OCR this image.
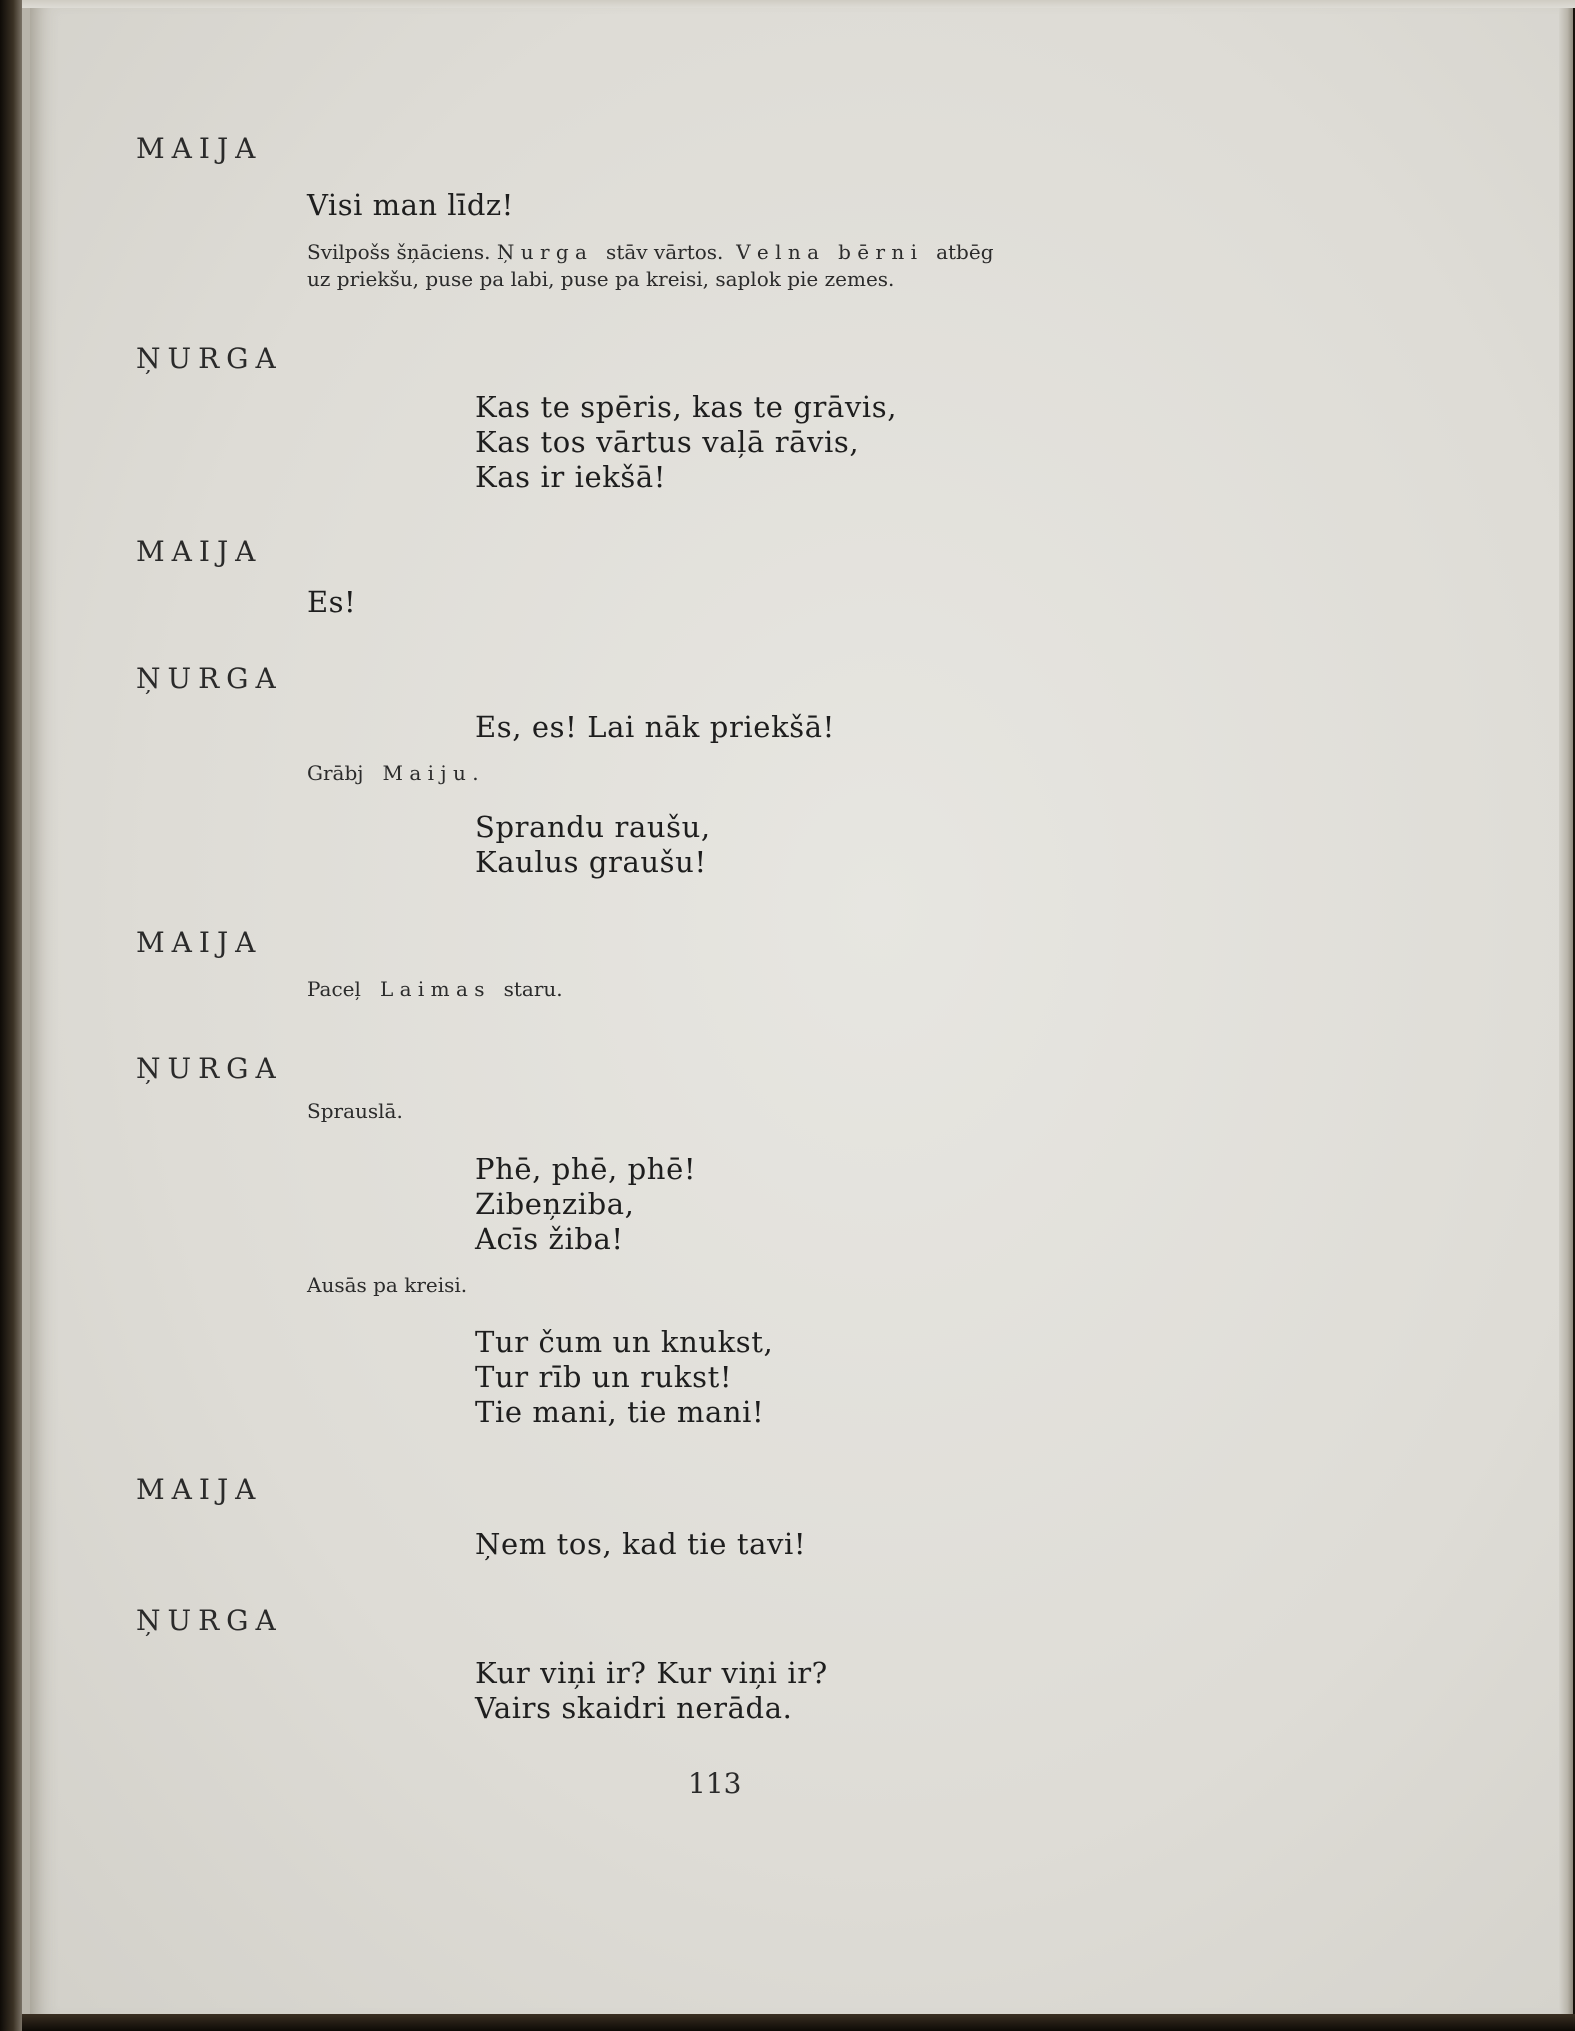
MAIJA
Visi man līdz!
Svilpošs šņāciens. Ņ u r g a   stāv vārtos.  V e l n a   b ē r n i   atbēg
uz priekšu, puse pa labi, puse pa kreisi, saplok pie zemes.
ŅURGA
Kas te spēris, kas te grāvis,
Kas tos vārtus vaļā rāvis,
Kas ir iekšā!
MAIJA
Es!
ŅURGA
Es, es! Lai nāk priekšā!
Grābj   M a i j u .
Sprandu raušu,
Kaulus graušu!
MAIJA
Paceļ   L a i m a s   staru.
ŅURGA
Sprauslā.
Phē, phē, phē!
Zibeņziba,
Acīs žiba!
Ausās pa kreisi.
Tur čum un knukst,
Tur rīb un rukst!
Tie mani, tie mani!
MAIJA
Ņem tos, kad tie tavi!
ŅURGA
Kur viņi ir? Kur viņi ir?
Vairs skaidri nerāda.
113
